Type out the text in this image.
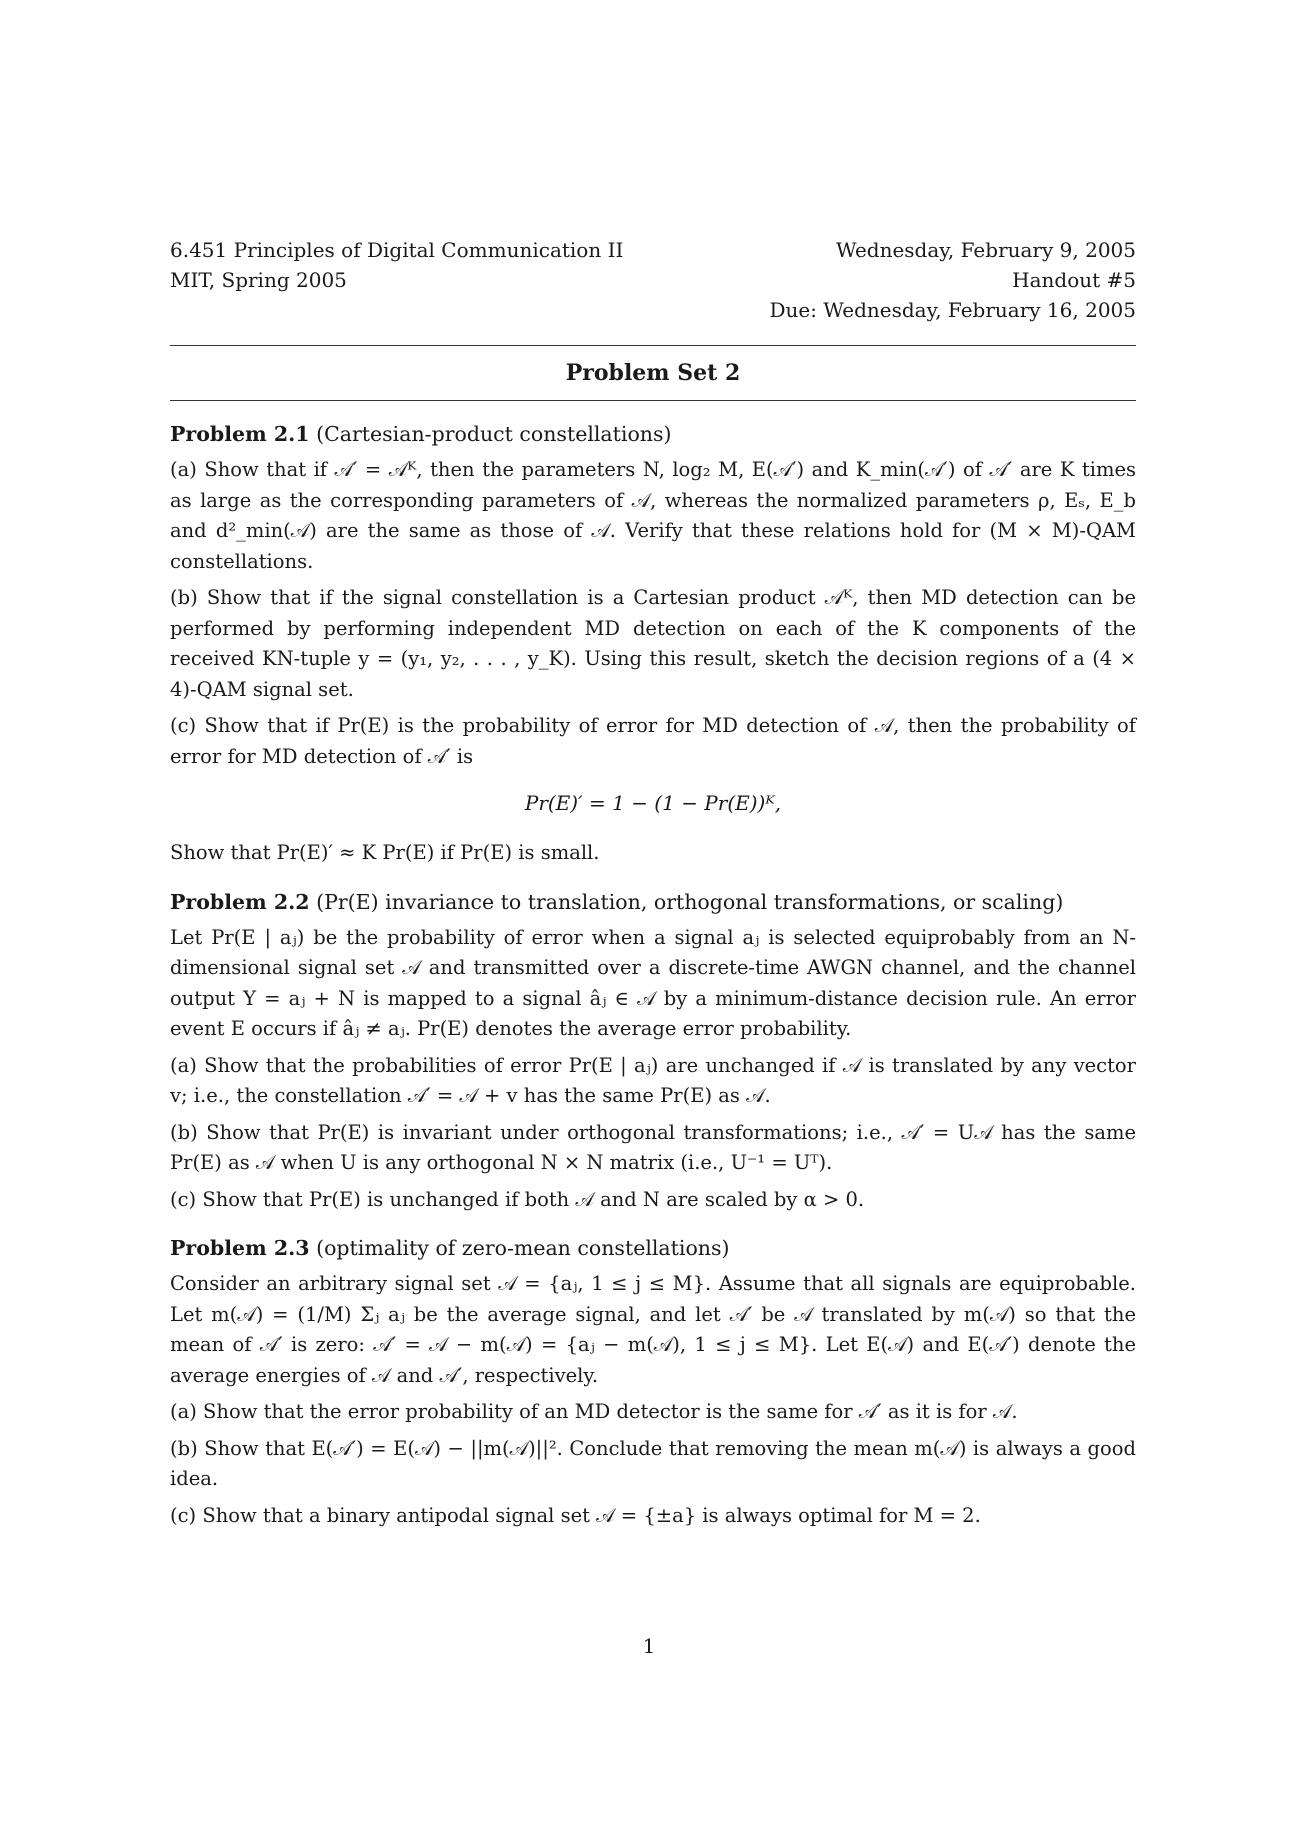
6.451 Principles of Digital Communication II
MIT, Spring 2005
Wednesday, February 9, 2005
Handout #5
Due: Wednesday, February 16, 2005
Problem Set 2
Problem 2.1 (Cartesian-product constellations)

(a) Show that if 𝒜′ = 𝒜ᴷ, then the parameters N, log₂ M, E(𝒜′) and K_min(𝒜′) of 𝒜′ are K times as large as the corresponding parameters of 𝒜, whereas the normalized parameters ρ, Eₛ, E_b and d²_min(𝒜) are the same as those of 𝒜. Verify that these relations hold for (M × M)-QAM constellations.

(b) Show that if the signal constellation is a Cartesian product 𝒜ᴷ, then MD detection can be performed by performing independent MD detection on each of the K components of the received KN-tuple y = (y₁, y₂, . . . , y_K). Using this result, sketch the decision regions of a (4 × 4)-QAM signal set.

(c) Show that if Pr(E) is the probability of error for MD detection of 𝒜, then the probability of error for MD detection of 𝒜′ is

Pr(E)′ = 1 − (1 − Pr(E))ᴷ,

Show that Pr(E)′ ≈ K Pr(E) if Pr(E) is small.

Problem 2.2 (Pr(E) invariance to translation, orthogonal transformations, or scaling)

Let Pr(E | aⱼ) be the probability of error when a signal aⱼ is selected equiprobably from an N-dimensional signal set 𝒜 and transmitted over a discrete-time AWGN channel, and the channel output Y = aⱼ + N is mapped to a signal âⱼ ∈ 𝒜 by a minimum-distance decision rule. An error event E occurs if âⱼ ≠ aⱼ. Pr(E) denotes the average error probability.

(a) Show that the probabilities of error Pr(E | aⱼ) are unchanged if 𝒜 is translated by any vector v; i.e., the constellation 𝒜′ = 𝒜 + v has the same Pr(E) as 𝒜.

(b) Show that Pr(E) is invariant under orthogonal transformations; i.e., 𝒜′ = U𝒜 has the same Pr(E) as 𝒜 when U is any orthogonal N × N matrix (i.e., U⁻¹ = Uᵀ).

(c) Show that Pr(E) is unchanged if both 𝒜 and N are scaled by α > 0.

Problem 2.3 (optimality of zero-mean constellations)

Consider an arbitrary signal set 𝒜 = {aⱼ, 1 ≤ j ≤ M}. Assume that all signals are equiprobable. Let m(𝒜) = (1/M) Σⱼ aⱼ be the average signal, and let 𝒜′ be 𝒜 translated by m(𝒜) so that the mean of 𝒜′ is zero: 𝒜′ = 𝒜 − m(𝒜) = {aⱼ − m(𝒜), 1 ≤ j ≤ M}. Let E(𝒜) and E(𝒜′) denote the average energies of 𝒜 and 𝒜′, respectively.

(a) Show that the error probability of an MD detector is the same for 𝒜′ as it is for 𝒜.

(b) Show that E(𝒜′) = E(𝒜) − ||m(𝒜)||². Conclude that removing the mean m(𝒜) is always a good idea.

(c) Show that a binary antipodal signal set 𝒜 = {±a} is always optimal for M = 2.

1
